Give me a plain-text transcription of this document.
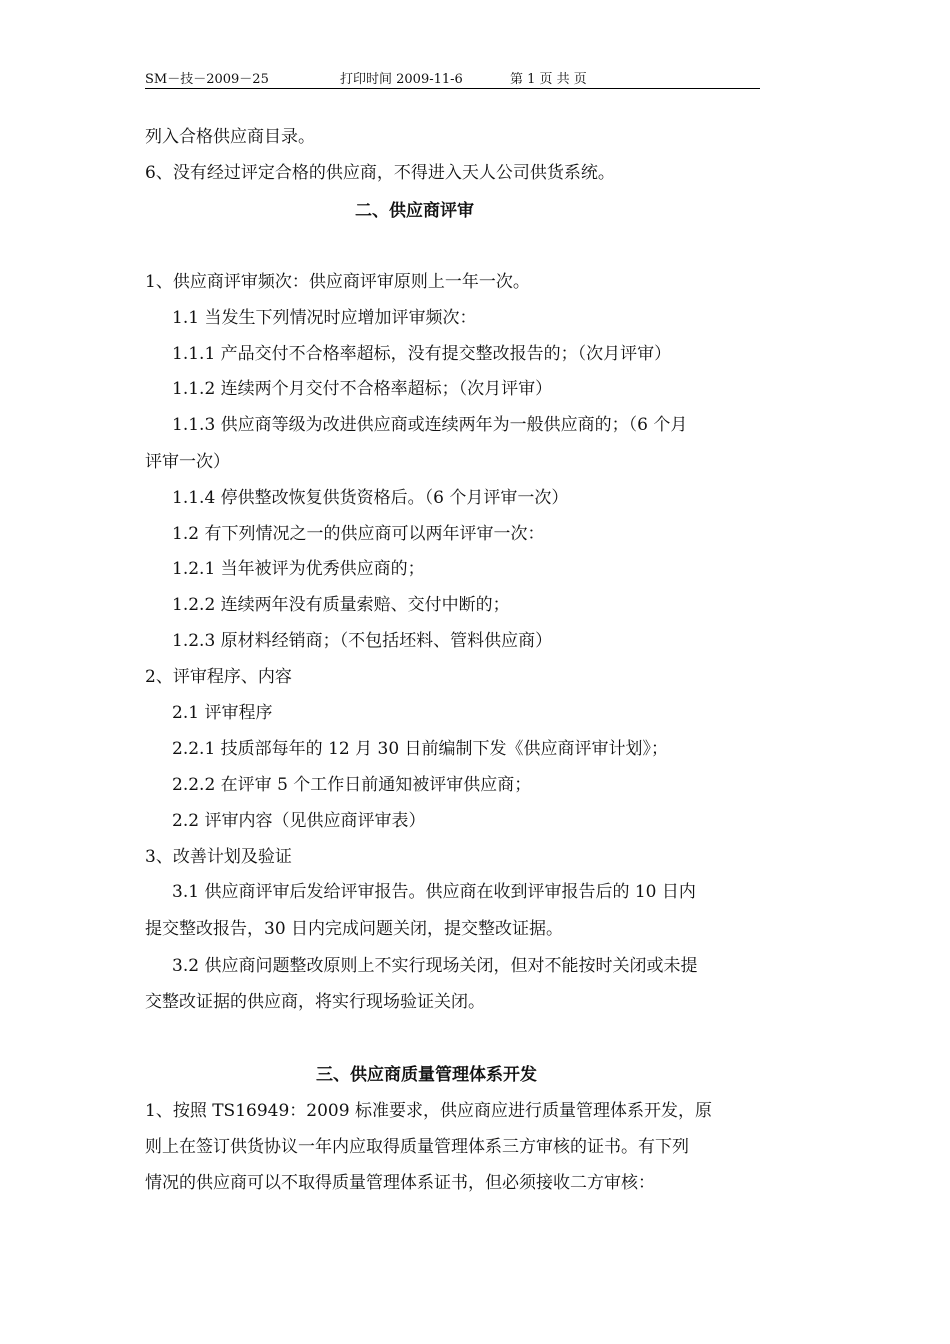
SM－技－2009－25	打印时间 2009-11-6	第 1 页 共 页
列入合格供应商目录。
6、没有经过评定合格的供应商，不得进入天人公司供货系统。
二、供应商评审
1、供应商评审频次：供应商评审原则上一年一次。
1.1 当发生下列情况时应增加评审频次：
1.1.1 产品交付不合格率超标，没有提交整改报告的；（次月评审）
1.1.2 连续两个月交付不合格率超标；（次月评审）
1.1.3 供应商等级为改进供应商或连续两年为一般供应商的；（6 个月
评审一次）
1.1.4 停供整改恢复供货资格后。（6 个月评审一次）
1.2 有下列情况之一的供应商可以两年评审一次：
1.2.1 当年被评为优秀供应商的；
1.2.2 连续两年没有质量索赔、交付中断的；
1.2.3 原材料经销商；（不包括坯料、管料供应商）
2、评审程序、内容
2.1 评审程序
2.2.1 技质部每年的 12 月 30 日前编制下发《供应商评审计划》；
2.2.2 在评审 5 个工作日前通知被评审供应商；
2.2 评审内容（见供应商评审表）
3、改善计划及验证
3.1 供应商评审后发给评审报告。供应商在收到评审报告后的 10 日内
提交整改报告，30 日内完成问题关闭，提交整改证据。
3.2 供应商问题整改原则上不实行现场关闭，但对不能按时关闭或未提
交整改证据的供应商，将实行现场验证关闭。
三、供应商质量管理体系开发
1、按照 TS16949：2009 标准要求，供应商应进行质量管理体系开发，原
则上在签订供货协议一年内应取得质量管理体系三方审核的证书。有下列
情况的供应商可以不取得质量管理体系证书，但必须接收二方审核：
